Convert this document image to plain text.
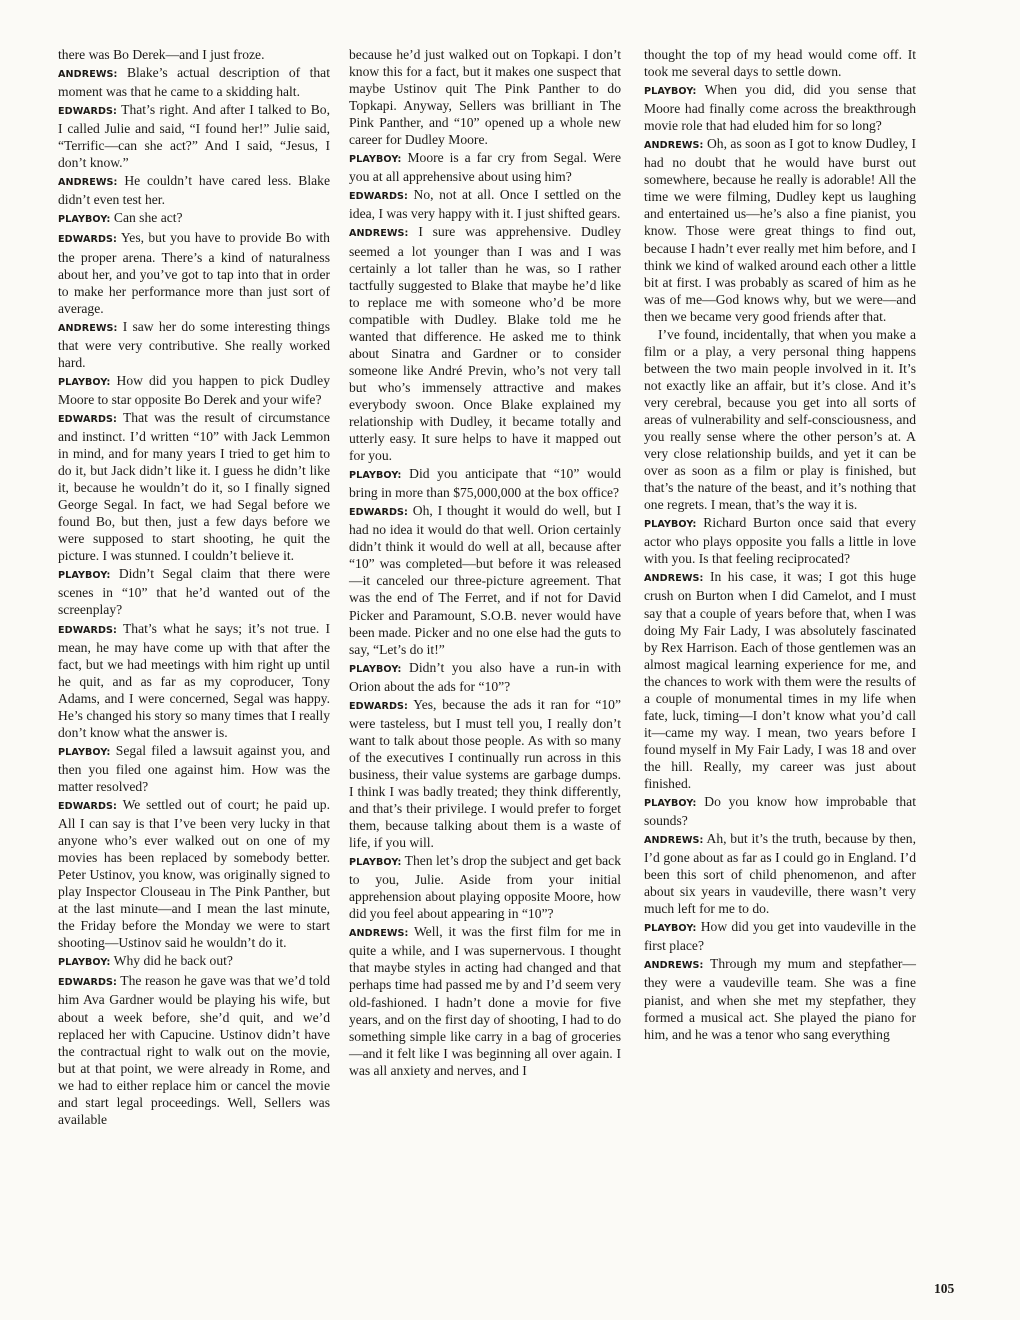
there was Bo Derek—and I just froze.

ANDREWS: Blake’s actual description of that moment was that he came to a skidding halt.

EDWARDS: That’s right. And after I talked to Bo, I called Julie and said, “I found her!” Julie said, “Terrific—can she act?” And I said, “Jesus, I don’t know.”

ANDREWS: He couldn’t have cared less. Blake didn’t even test her.

PLAYBOY: Can she act?

EDWARDS: Yes, but you have to provide Bo with the proper arena. There’s a kind of naturalness about her, and you’ve got to tap into that in order to make her performance more than just sort of average.

ANDREWS: I saw her do some interesting things that were very contributive. She really worked hard.

PLAYBOY: How did you happen to pick Dudley Moore to star opposite Bo Derek and your wife?

EDWARDS: That was the result of circumstance and instinct. I’d written “10” with Jack Lemmon in mind, and for many years I tried to get him to do it, but Jack didn’t like it. I guess he didn’t like it, because he wouldn’t do it, so I finally signed George Segal. In fact, we had Segal before we found Bo, but then, just a few days before we were supposed to start shooting, he quit the picture. I was stunned. I couldn’t believe it.

PLAYBOY: Didn’t Segal claim that there were scenes in “10” that he’d wanted out of the screenplay?

EDWARDS: That’s what he says; it’s not true. I mean, he may have come up with that after the fact, but we had meetings with him right up until he quit, and as far as my coproducer, Tony Adams, and I were concerned, Segal was happy. He’s changed his story so many times that I really don’t know what the answer is.

PLAYBOY: Segal filed a lawsuit against you, and then you filed one against him. How was the matter resolved?

EDWARDS: We settled out of court; he paid up. All I can say is that I’ve been very lucky in that anyone who’s ever walked out on one of my movies has been replaced by somebody better. Peter Ustinov, you know, was originally signed to play Inspector Clouseau in The Pink Panther, but at the last minute—and I mean the last minute, the Friday before the Monday we were to start shooting—Ustinov said he wouldn’t do it.

PLAYBOY: Why did he back out?

EDWARDS: The reason he gave was that we’d told him Ava Gardner would be playing his wife, but about a week before, she’d quit, and we’d replaced her with Capucine. Ustinov didn’t have the contractual right to walk out on the movie, but at that point, we were already in Rome, and we had to either replace him or cancel the movie and start legal proceedings. Well, Sellers was available

because he’d just walked out on Topkapi. I don’t know this for a fact, but it makes one suspect that maybe Ustinov quit The Pink Panther to do Topkapi. Anyway, Sellers was brilliant in The Pink Panther, and “10” opened up a whole new career for Dudley Moore.

PLAYBOY: Moore is a far cry from Segal. Were you at all apprehensive about using him?

EDWARDS: No, not at all. Once I settled on the idea, I was very happy with it. I just shifted gears.

ANDREWS: I sure was apprehensive. Dudley seemed a lot younger than I was and I was certainly a lot taller than he was, so I rather tactfully suggested to Blake that maybe he’d like to replace me with someone who’d be more compatible with Dudley. Blake told me he wanted that difference. He asked me to think about Sinatra and Gardner or to consider someone like André Previn, who’s not very tall but who’s immensely attractive and makes everybody swoon. Once Blake explained my relationship with Dudley, it became totally and utterly easy. It sure helps to have it mapped out for you.

PLAYBOY: Did you anticipate that “10” would bring in more than $75,000,000 at the box office?

EDWARDS: Oh, I thought it would do well, but I had no idea it would do that well. Orion certainly didn’t think it would do well at all, because after “10” was completed—but before it was released—it canceled our three-picture agreement. That was the end of The Ferret, and if not for David Picker and Paramount, S.O.B. never would have been made. Picker and no one else had the guts to say, “Let’s do it!”

PLAYBOY: Didn’t you also have a run-in with Orion about the ads for “10”?

EDWARDS: Yes, because the ads it ran for “10” were tasteless, but I must tell you, I really don’t want to talk about those people. As with so many of the executives I continually run across in this business, their value systems are garbage dumps. I think I was badly treated; they think differently, and that’s their privilege. I would prefer to forget them, because talking about them is a waste of life, if you will.

PLAYBOY: Then let’s drop the subject and get back to you, Julie. Aside from your initial apprehension about playing opposite Moore, how did you feel about appearing in “10”?

ANDREWS: Well, it was the first film for me in quite a while, and I was supernervous. I thought that maybe styles in acting had changed and that perhaps time had passed me by and I’d seem very old-fashioned. I hadn’t done a movie for five years, and on the first day of shooting, I had to do something simple like carry in a bag of groceries—and it felt like I was beginning all over again. I was all anxiety and nerves, and I

thought the top of my head would come off. It took me several days to settle down.

PLAYBOY: When you did, did you sense that Moore had finally come across the breakthrough movie role that had eluded him for so long?

ANDREWS: Oh, as soon as I got to know Dudley, I had no doubt that he would have burst out somewhere, because he really is adorable! All the time we were filming, Dudley kept us laughing and entertained us—he’s also a fine pianist, you know. Those were great things to find out, because I hadn’t ever really met him before, and I think we kind of walked around each other a little bit at first. I was probably as scared of him as he was of me—God knows why, but we were—and then we became very good friends after that.

I’ve found, incidentally, that when you make a film or a play, a very personal thing happens between the two main people involved in it. It’s not exactly like an affair, but it’s close. And it’s very cerebral, because you get into all sorts of areas of vulnerability and self-consciousness, and you really sense where the other person’s at. A very close relationship builds, and yet it can be over as soon as a film or play is finished, but that’s the nature of the beast, and it’s nothing that one regrets. I mean, that’s the way it is.

PLAYBOY: Richard Burton once said that every actor who plays opposite you falls a little in love with you. Is that feeling reciprocated?

ANDREWS: In his case, it was; I got this huge crush on Burton when I did Camelot, and I must say that a couple of years before that, when I was doing My Fair Lady, I was absolutely fascinated by Rex Harrison. Each of those gentlemen was an almost magical learning experience for me, and the chances to work with them were the results of a couple of monumental times in my life when fate, luck, timing—I don’t know what you’d call it—came my way. I mean, two years before I found myself in My Fair Lady, I was 18 and over the hill. Really, my career was just about finished.

PLAYBOY: Do you know how improbable that sounds?

ANDREWS: Ah, but it’s the truth, because by then, I’d gone about as far as I could go in England. I’d been this sort of child phenomenon, and after about six years in vaudeville, there wasn’t very much left for me to do.

PLAYBOY: How did you get into vaudeville in the first place?

ANDREWS: Through my mum and stepfather—they were a vaudeville team. She was a fine pianist, and when she met my stepfather, they formed a musical act. She played the piano for him, and he was a tenor who sang everything

105
